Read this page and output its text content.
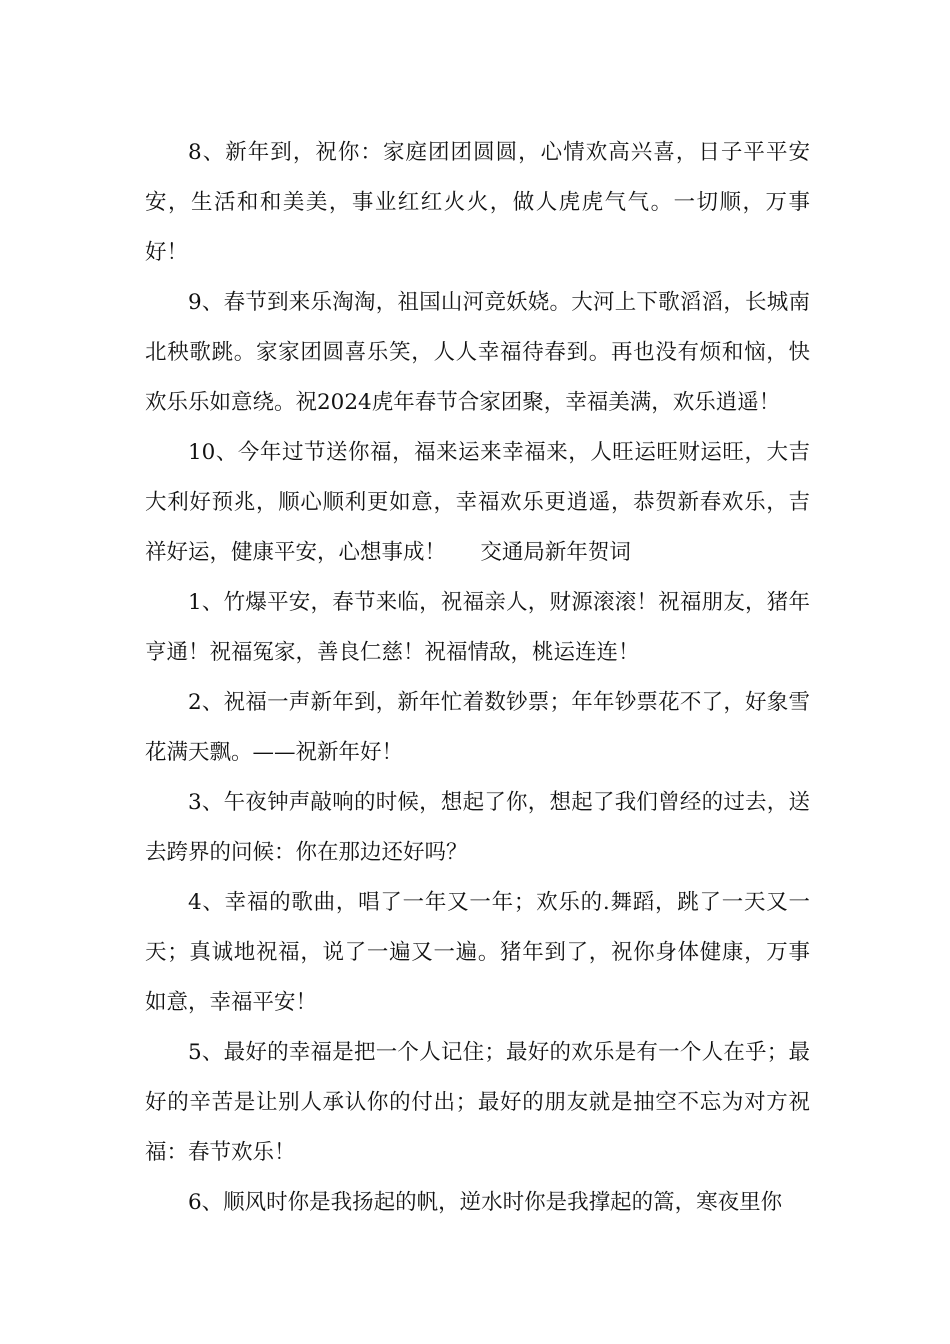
8、新年到，祝你：家庭团团圆圆，心情欢高兴喜，日子平平安安，生活和和美美，事业红红火火，做人虎虎气气。一切顺，万事好！

9、春节到来乐淘淘，祖国山河竞妖娆。大河上下歌滔滔，长城南北秧歌跳。家家团圆喜乐笑，人人幸福待春到。再也没有烦和恼，快欢乐乐如意绕。祝2024虎年春节合家团聚，幸福美满，欢乐逍遥！

10、今年过节送你福，福来运来幸福来，人旺运旺财运旺，大吉大利好预兆，顺心顺利更如意，幸福欢乐更逍遥，恭贺新春欢乐，吉祥好运，健康平安，心想事成！ 交通局新年贺词

1、竹爆平安，春节来临，祝福亲人，财源滚滚！祝福朋友，猪年亨通！祝福冤家，善良仁慈！祝福情敌，桃运连连！

2、祝福一声新年到，新年忙着数钞票；年年钞票花不了，好象雪花满天飘。——祝新年好！

3、午夜钟声敲响的时候，想起了你，想起了我们曾经的过去，送去跨界的问候：你在那边还好吗？

4、幸福的歌曲，唱了一年又一年；欢乐的.舞蹈，跳了一天又一天；真诚地祝福，说了一遍又一遍。猪年到了，祝你身体健康，万事如意，幸福平安！

5、最好的幸福是把一个人记住；最好的欢乐是有一个人在乎；最好的辛苦是让别人承认你的付出；最好的朋友就是抽空不忘为对方祝福：春节欢乐！

6、顺风时你是我扬起的帆，逆水时你是我撑起的篙，寒夜里你
